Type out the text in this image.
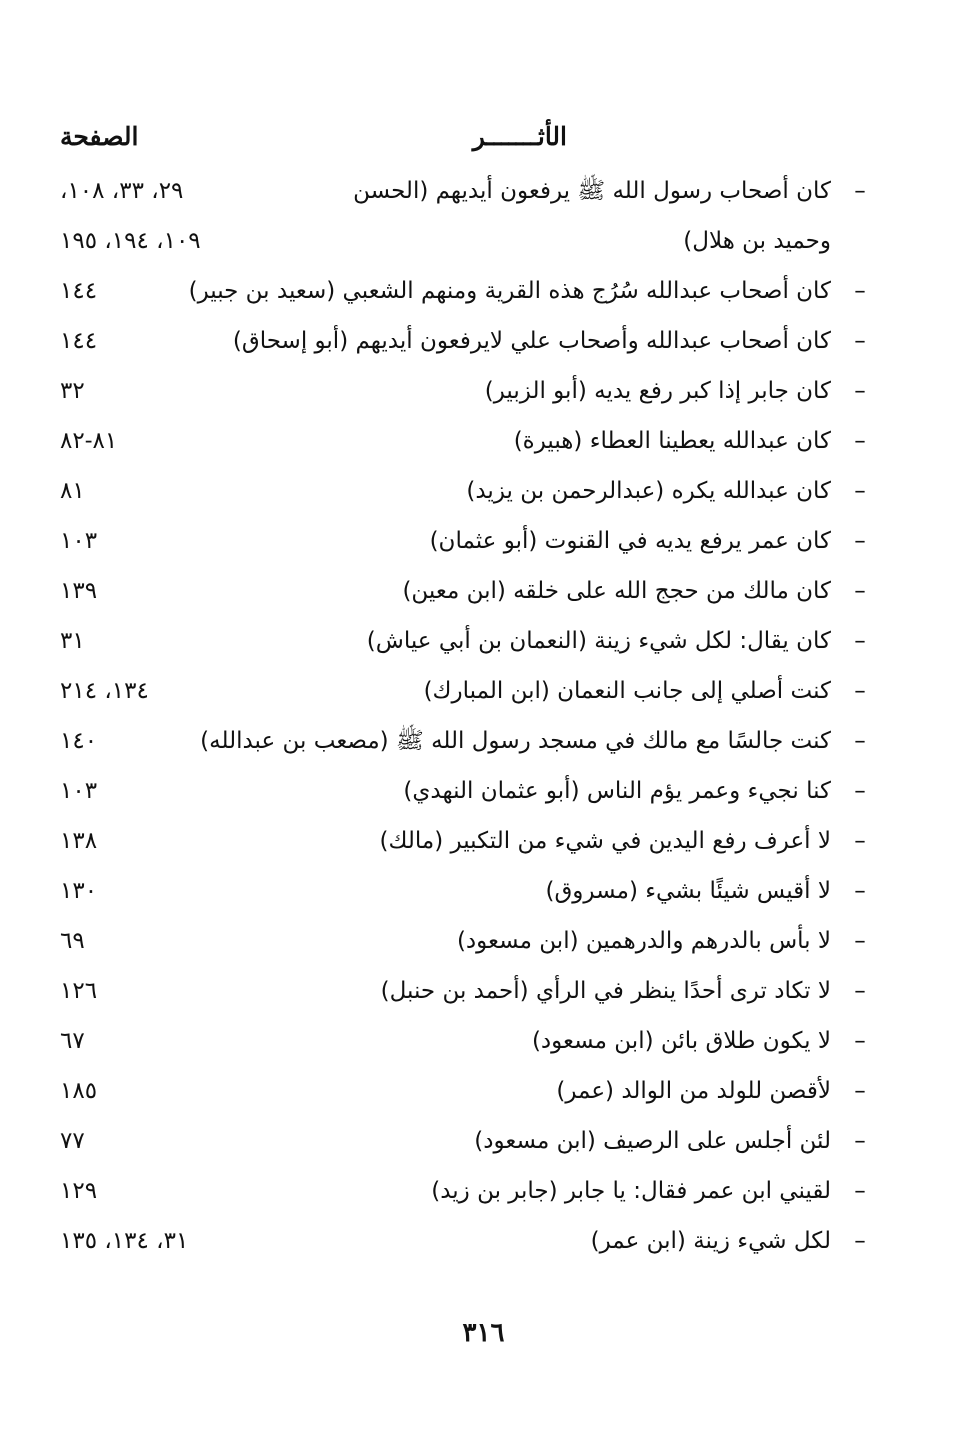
الأثـــــــر
الصفحة
–
كان أصحاب رسول الله ﷺ يرفعون أيديهم (الحسن
٢٩، ٣٣، ١٠٨،
وحميد بن هلال)
١٠٩، ١٩٤، ١٩٥
–
كان أصحاب عبدالله سُرُج هذه القرية ومنهم الشعبي (سعيد بن جبير)
١٤٤
–
كان أصحاب عبدالله وأصحاب علي لايرفعون أيديهم (أبو إسحاق)
١٤٤
–
كان جابر إذا كبر رفع يديه (أبو الزبير)
٣٢
–
كان عبدالله يعطينا العطاء (هبيرة)
٨١-٨٢
–
كان عبدالله يكره (عبدالرحمن بن يزيد)
٨١
–
كان عمر يرفع يديه في القنوت (أبو عثمان)
١٠٣
–
كان مالك من حجج الله على خلقه (ابن معين)
١٣٩
–
كان يقال: لكل شيء زينة (النعمان بن أبي عياش)
٣١
–
كنت أصلي إلى جانب النعمان (ابن المبارك)
١٣٤، ٢١٤
–
كنت جالسًا مع مالك في مسجد رسول الله ﷺ (مصعب بن عبدالله)
١٤٠
–
كنا نجيء وعمر يؤم الناس (أبو عثمان النهدي)
١٠٣
–
لا أعرف رفع اليدين في شيء من التكبير (مالك)
١٣٨
–
لا أقيس شيئًا بشيء (مسروق)
١٣٠
–
لا بأس بالدرهم والدرهمين (ابن مسعود)
٦٩
–
لا تكاد ترى أحدًا ينظر في الرأي (أحمد بن حنبل)
١٢٦
–
لا يكون طلاق بائن (ابن مسعود)
٦٧
–
لأقصن للولد من الوالد (عمر)
١٨٥
–
لئن أجلس على الرصيف (ابن مسعود)
٧٧
–
لقيني ابن عمر فقال: يا جابر (جابر بن زيد)
١٢٩
–
لكل شيء زينة (ابن عمر)
٣١، ١٣٤، ١٣٥
٣١٦
